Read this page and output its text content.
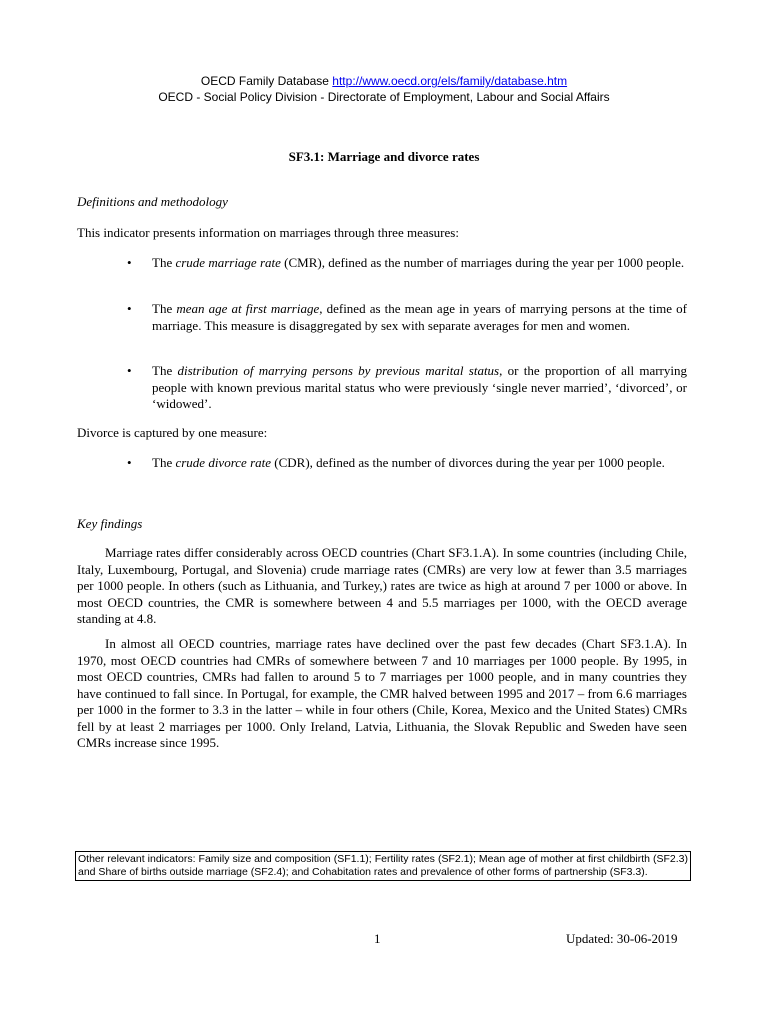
OECD Family Database http://www.oecd.org/els/family/database.htm
OECD - Social Policy Division - Directorate of Employment, Labour and Social Affairs
SF3.1: Marriage and divorce rates
Definitions and methodology

This indicator presents information on marriages through three measures:

• The crude marriage rate (CMR), defined as the number of marriages during the year per 1000 people.

• The mean age at first marriage, defined as the mean age in years of marrying persons at the time of marriage. This measure is disaggregated by sex with separate averages for men and women.

• The distribution of marrying persons by previous marital status, or the proportion of all marrying people with known previous marital status who were previously ‘single never married’, ‘divorced’, or ‘widowed’.

Divorce is captured by one measure:

• The crude divorce rate (CDR), defined as the number of divorces during the year per 1000 people.

Key findings

Marriage rates differ considerably across OECD countries (Chart SF3.1.A). In some countries (including Chile, Italy, Luxembourg, Portugal, and Slovenia) crude marriage rates (CMRs) are very low at fewer than 3.5 marriages per 1000 people. In others (such as Lithuania, and Turkey,) rates are twice as high at around 7 per 1000 or above. In most OECD countries, the CMR is somewhere between 4 and 5.5 marriages per 1000, with the OECD average standing at 4.8.

In almost all OECD countries, marriage rates have declined over the past few decades (Chart SF3.1.A). In 1970, most OECD countries had CMRs of somewhere between 7 and 10 marriages per 1000 people. By 1995, in most OECD countries, CMRs had fallen to around 5 to 7 marriages per 1000 people, and in many countries they have continued to fall since. In Portugal, for example, the CMR halved between 1995 and 2017 – from 6.6 marriages per 1000 in the former to 3.3 in the latter – while in four others (Chile, Korea, Mexico and the United States) CMRs fell by at least 2 marriages per 1000. Only Ireland, Latvia, Lithuania, the Slovak Republic and Sweden have seen CMRs increase since 1995.

Other relevant indicators: Family size and composition (SF1.1); Fertility rates (SF2.1); Mean age of mother at first childbirth (SF2.3) and Share of births outside marriage (SF2.4); and Cohabitation rates and prevalence of other forms of partnership (SF3.3).
1	Updated: 30-06-2019
